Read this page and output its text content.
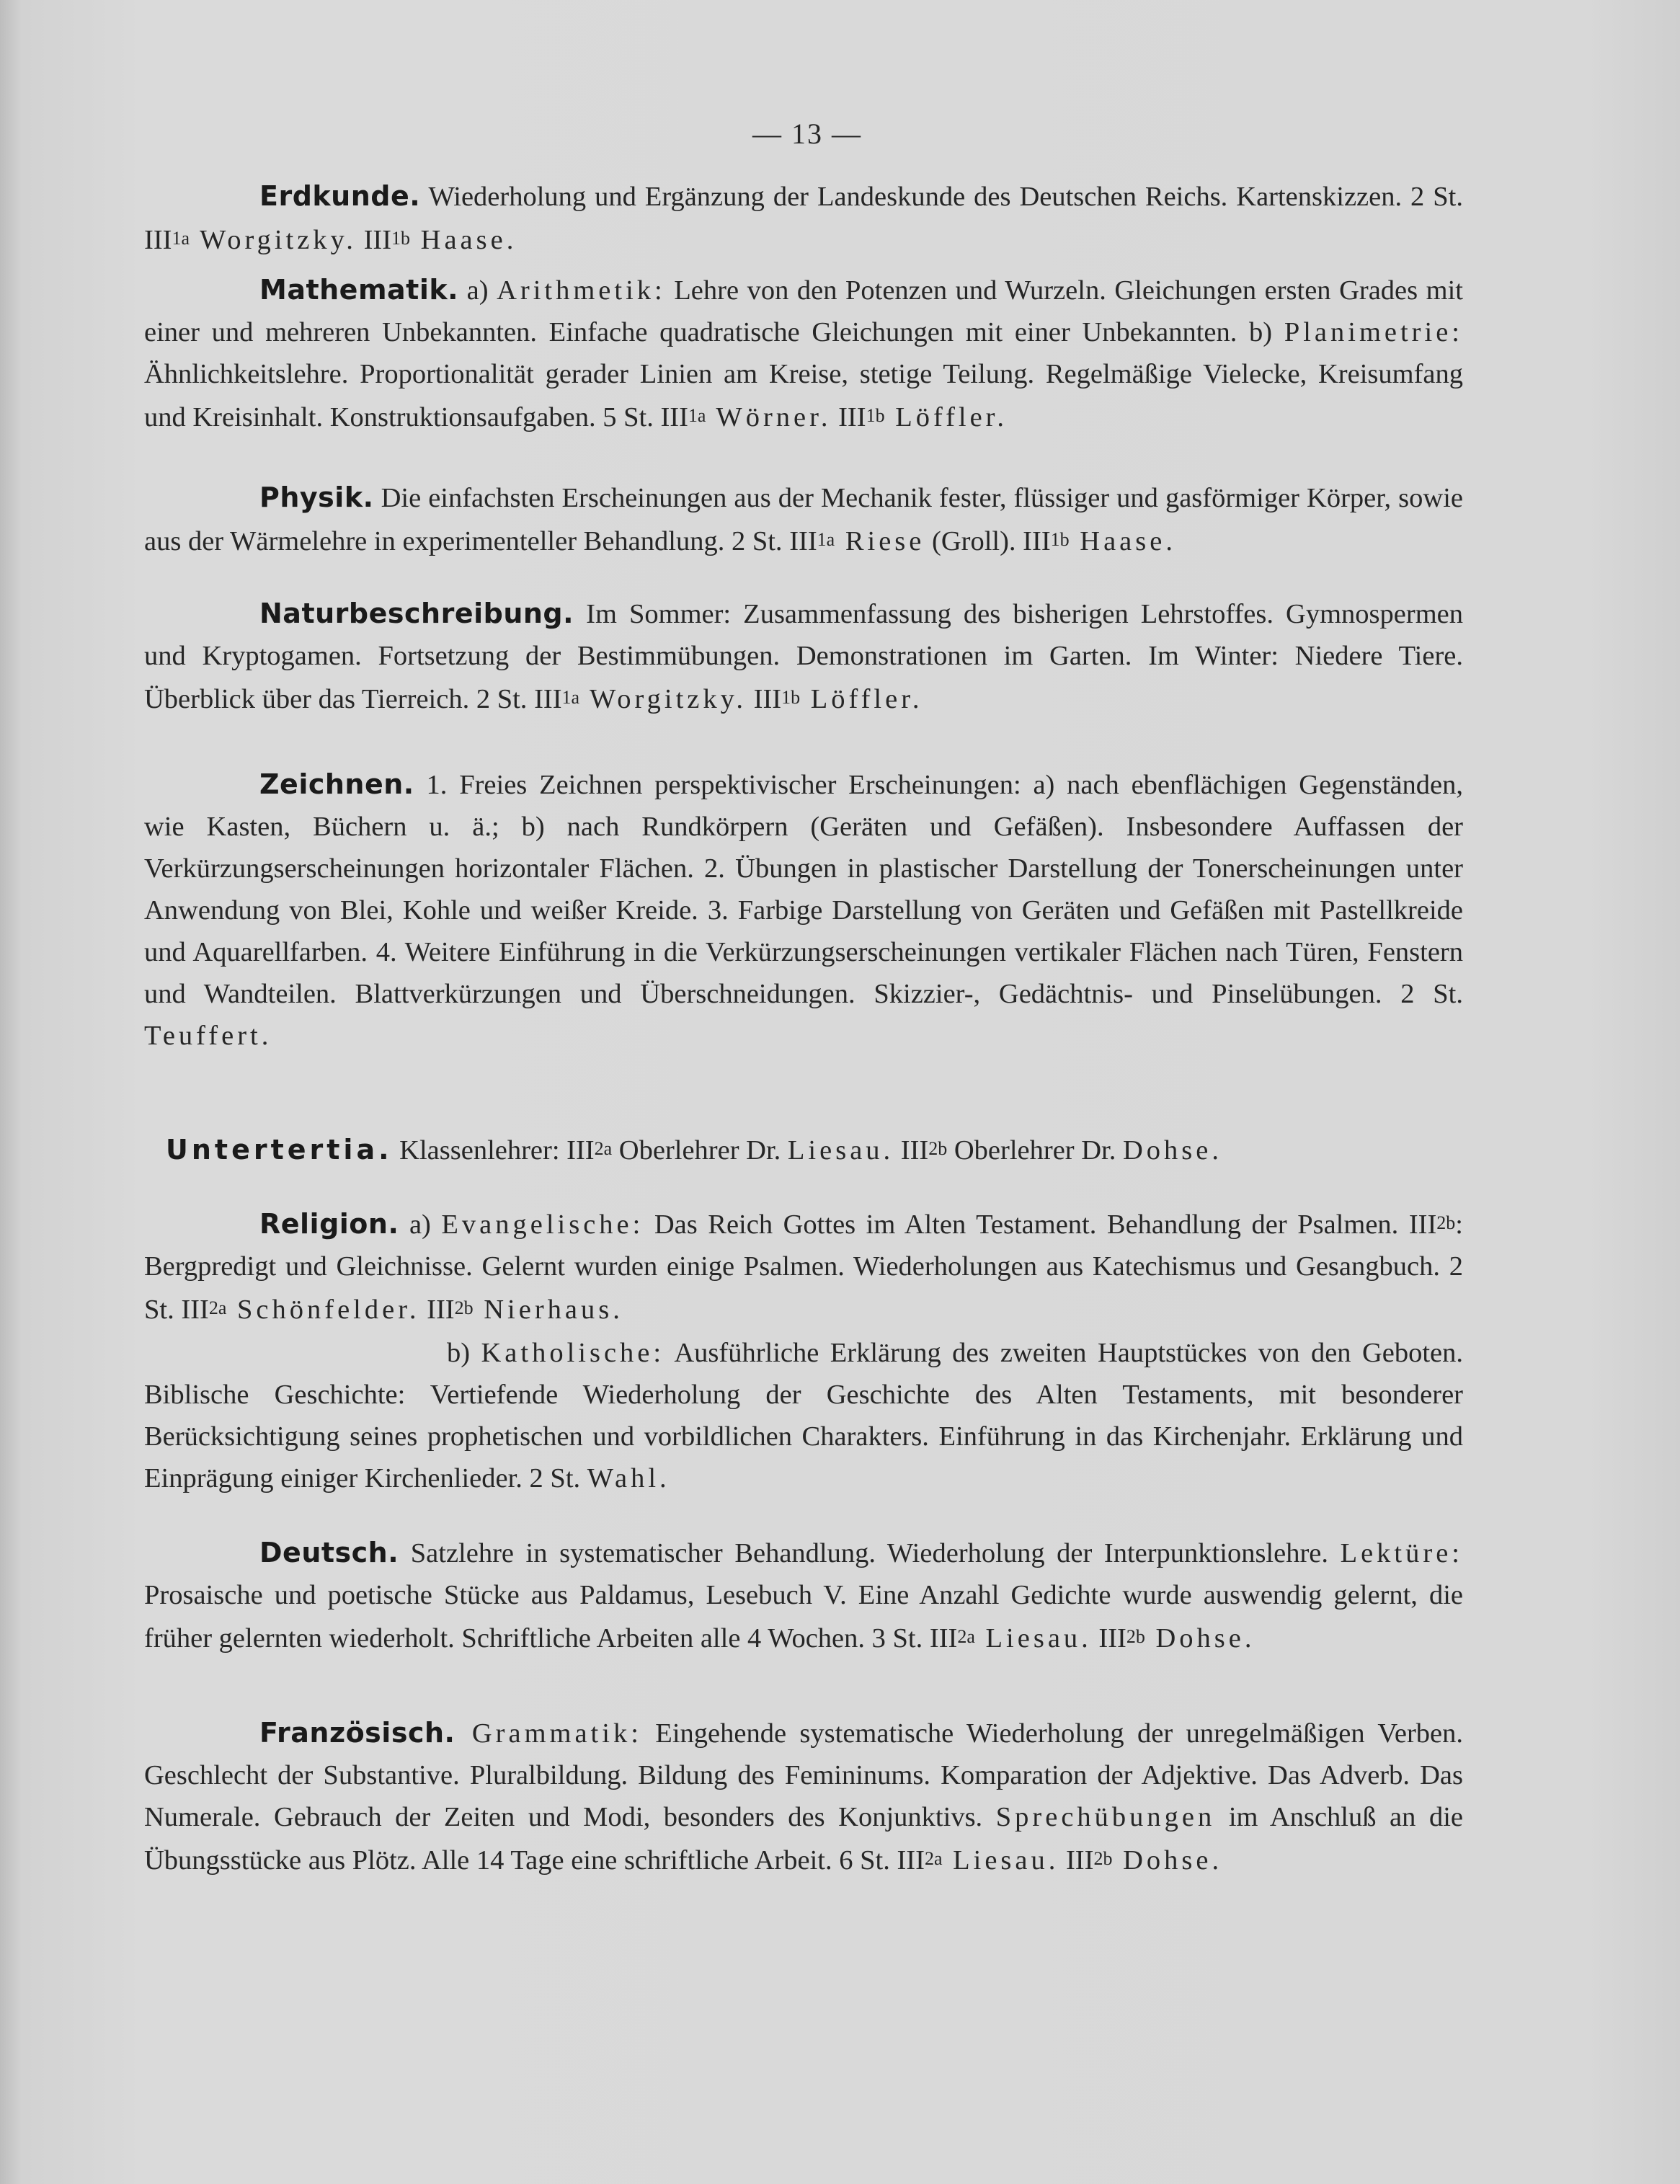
— 13 —

Erdkunde. Wiederholung und Ergänzung der Landeskunde des Deutschen Reichs. Kartenskizzen. 2 St. $III^{1a}$ Worgitzky. $III^{1b}$ Haase.

Mathematik. a) Arithmetik: Lehre von den Potenzen und Wurzeln. Gleichungen ersten Grades mit einer und mehreren Unbekannten. Einfache quadratische Gleichungen mit einer Unbekannten. b) Planimetrie: Ähnlichkeitslehre. Proportionalität gerader Linien am Kreise, stetige Teilung. Regelmäßige Vielecke, Kreisumfang und Kreisinhalt. Konstruktionsaufgaben. 5 St. $III^{1a}$ Wörner. $III^{1b}$ Löffler.

Physik. Die einfachsten Erscheinungen aus der Mechanik fester, flüssiger und gasförmiger Körper, sowie aus der Wärmelehre in experimenteller Behandlung. 2 St. $III^{1a}$ Riese (Groll). $III^{1b}$ Haase.

Naturbeschreibung. Im Sommer: Zusammenfassung des bisherigen Lehrstoffes. Gymnospermen und Kryptogamen. Fortsetzung der Bestimmübungen. Demonstrationen im Garten. Im Winter: Niedere Tiere. Überblick über das Tierreich. 2 St. $III^{1a}$ Worgitzky. $III^{1b}$ Löffler.

Zeichnen. 1. Freies Zeichnen perspektivischer Erscheinungen: a) nach ebenflächigen Gegenständen, wie Kasten, Büchern u. ä.; b) nach Rundkörpern (Geräten und Gefäßen). Insbesondere Auffassen der Verkürzungserscheinungen horizontaler Flächen. 2. Übungen in plastischer Darstellung der Tonerscheinungen unter Anwendung von Blei, Kohle und weißer Kreide. 3. Farbige Darstellung von Geräten und Gefäßen mit Pastellkreide und Aquarellfarben. 4. Weitere Einführung in die Verkürzungserscheinungen vertikaler Flächen nach Türen, Fenstern und Wandteilen. Blattverkürzungen und Überschneidungen. Skizzier-, Gedächtnis- und Pinselübungen. 2 St. Teuffert.

Untertertia. Klassenlehrer: $III^{2a}$ Oberlehrer Dr. Liesau. $III^{2b}$ Oberlehrer Dr. Dohse.

Religion. a) Evangelische: Das Reich Gottes im Alten Testament. Behandlung der Psalmen. $III^{2b}$: Bergpredigt und Gleichnisse. Gelernt wurden einige Psalmen. Wiederholungen aus Katechismus und Gesangbuch. 2 St. $III^{2a}$ Schönfelder. $III^{2b}$ Nierhaus.

b) Katholische: Ausführliche Erklärung des zweiten Hauptstückes von den Geboten. Biblische Geschichte: Vertiefende Wiederholung der Geschichte des Alten Testaments, mit besonderer Berücksichtigung seines prophetischen und vorbildlichen Charakters. Einführung in das Kirchenjahr. Erklärung und Einprägung einiger Kirchenlieder. 2 St. Wahl.

Deutsch. Satzlehre in systematischer Behandlung. Wiederholung der Interpunktionslehre. Lektüre: Prosaische und poetische Stücke aus Paldamus, Lesebuch V. Eine Anzahl Gedichte wurde auswendig gelernt, die früher gelernten wiederholt. Schriftliche Arbeiten alle 4 Wochen. 3 St. $III^{2a}$ Liesau. $III^{2b}$ Dohse.

Französisch. Grammatik: Eingehende systematische Wiederholung der unregelmäßigen Verben. Geschlecht der Substantive. Pluralbildung. Bildung des Femininums. Komparation der Adjektive. Das Adverb. Das Numerale. Gebrauch der Zeiten und Modi, besonders des Konjunktivs. Sprechübungen im Anschluß an die Übungsstücke aus Plötz. Alle 14 Tage eine schriftliche Arbeit. 6 St. $III^{2a}$ Liesau. $III^{2b}$ Dohse.
